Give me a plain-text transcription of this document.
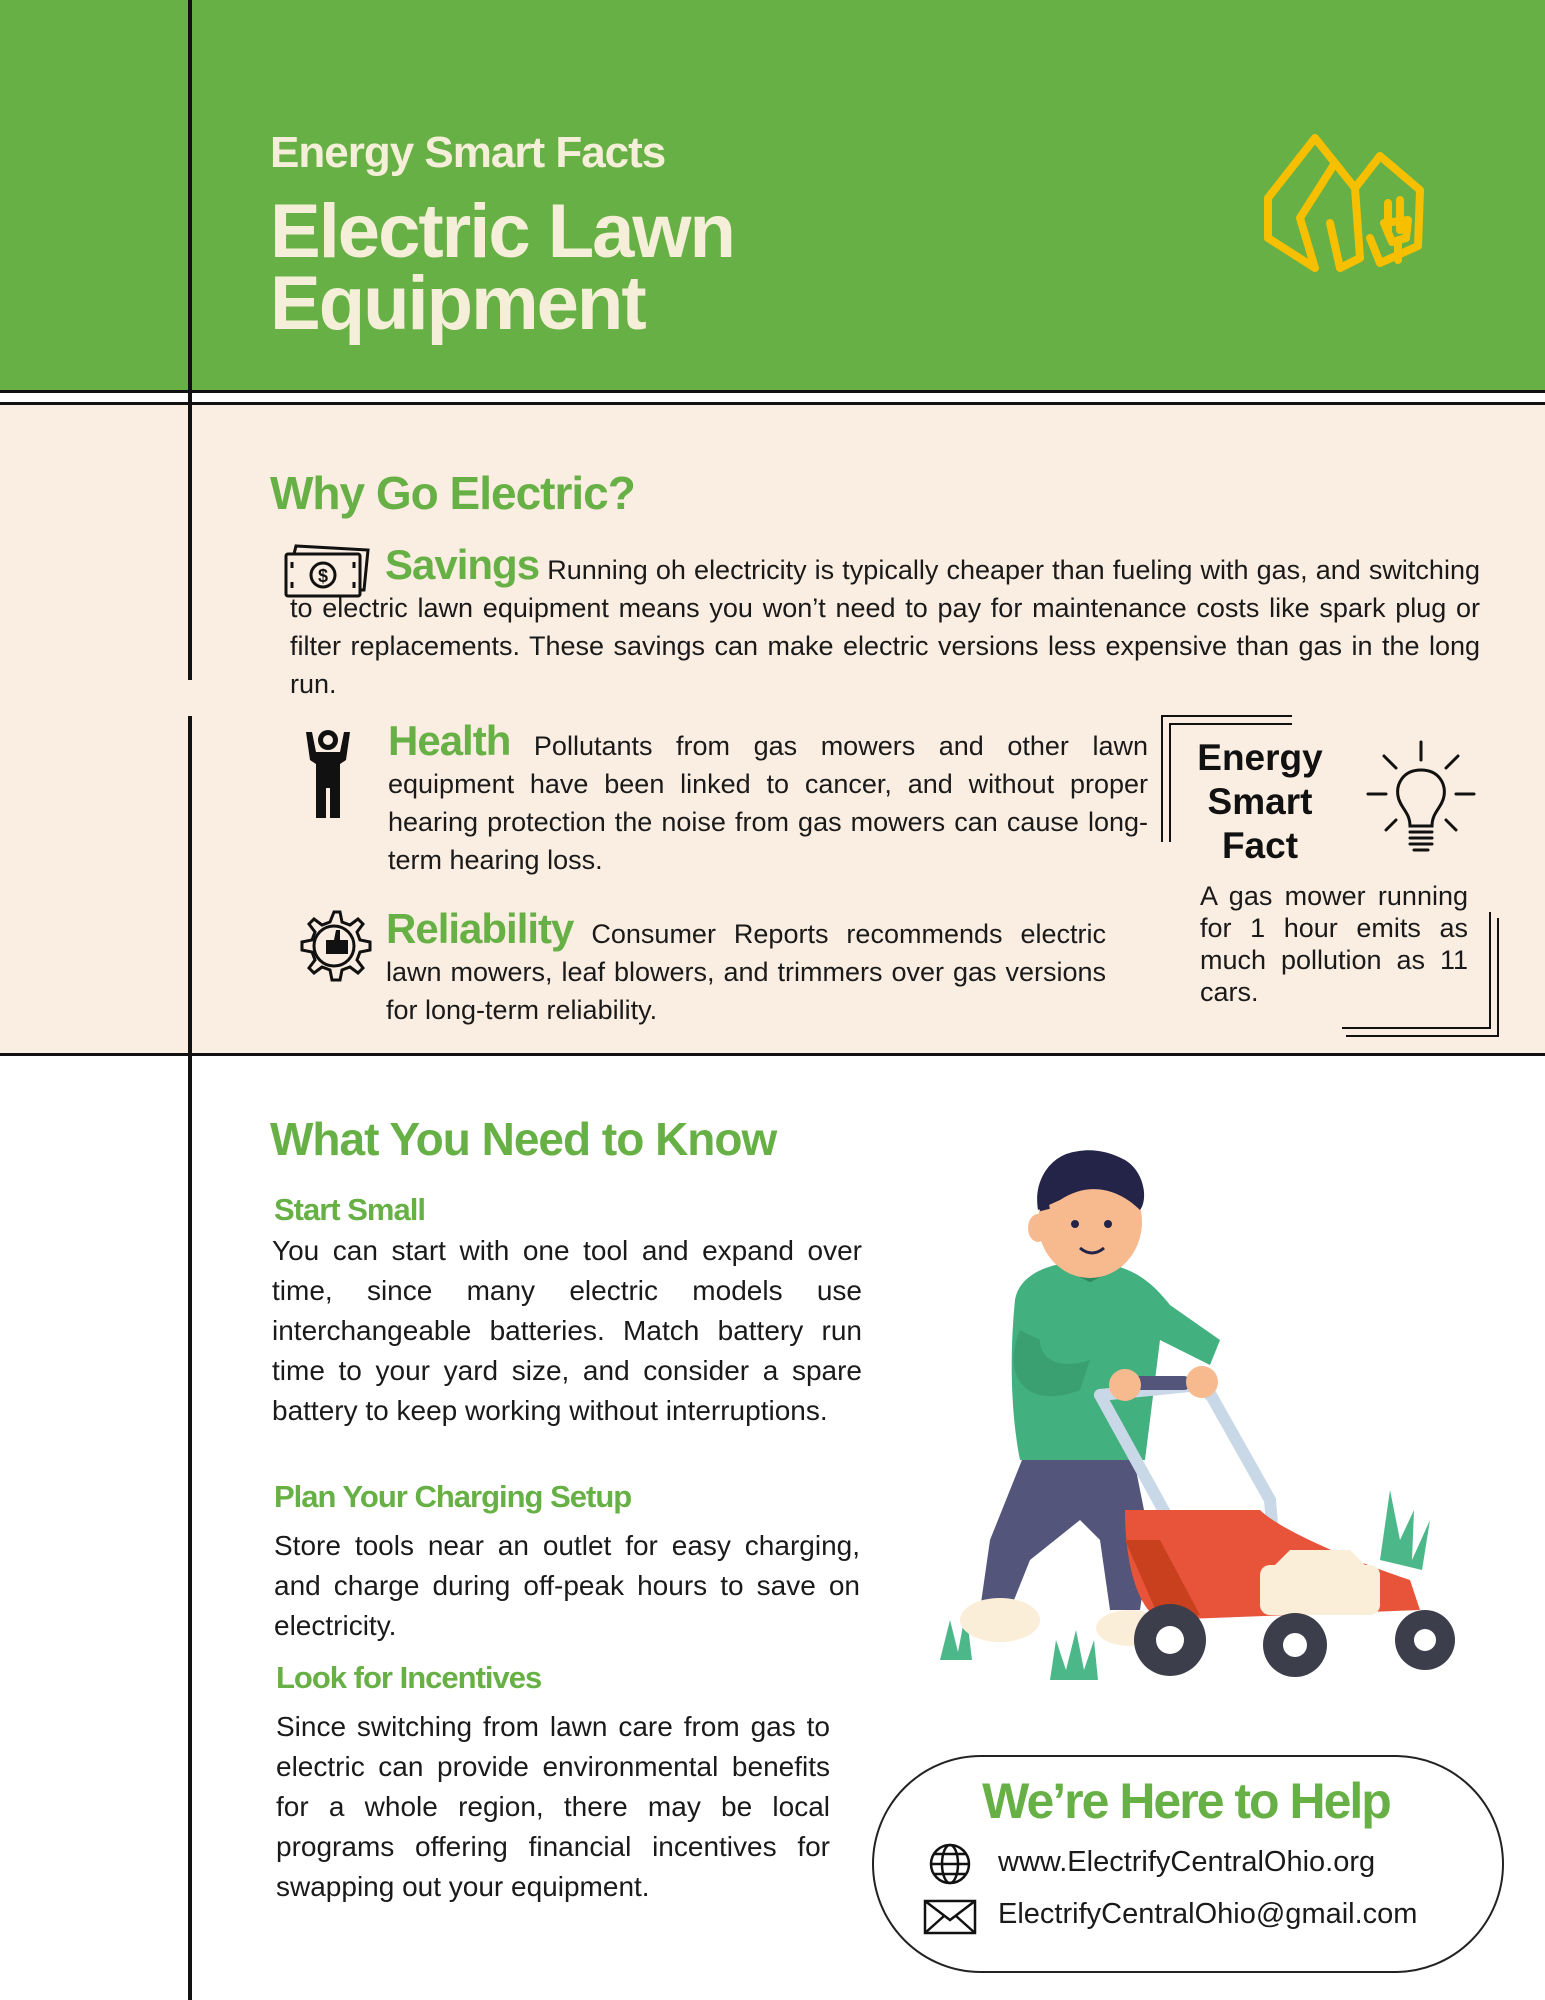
Energy Smart Facts
Electric Lawn Equipment
Why Go Electric?
$	Savings Running oh electricity is typically cheaper than fueling with gas, and switching to electric lawn equipment means you won’t need to pay for maintenance costs like spark plug or filter replacements. These savings can make electric versions less expensive than gas in the long run.
Health Pollutants from gas mowers and other lawn equipment have been linked to cancer, and without proper hearing protection the noise from gas mowers can cause long-term hearing loss.
Reliability Consumer Reports recommends electric lawn mowers, leaf blowers, and trimmers over gas versions for long-term reliability.
Energy Smart Fact
A gas mower running for 1 hour emits as much pollution as 11 cars.
What You Need to Know
Start Small
You can start with one tool and expand over time, since many electric models use interchangeable batteries. Match battery run time to your yard size, and consider a spare battery to keep working without interruptions.
Plan Your Charging Setup
Store tools near an outlet for easy charging, and charge during off-peak hours to save on electricity.
Look for Incentives
Since switching from lawn care from gas to electric can provide environmental benefits for a whole region, there may be local programs offering financial incentives for swapping out your equipment.
We’re Here to Help
www.ElectrifyCentralOhio.org
ElectrifyCentralOhio@gmail.com
